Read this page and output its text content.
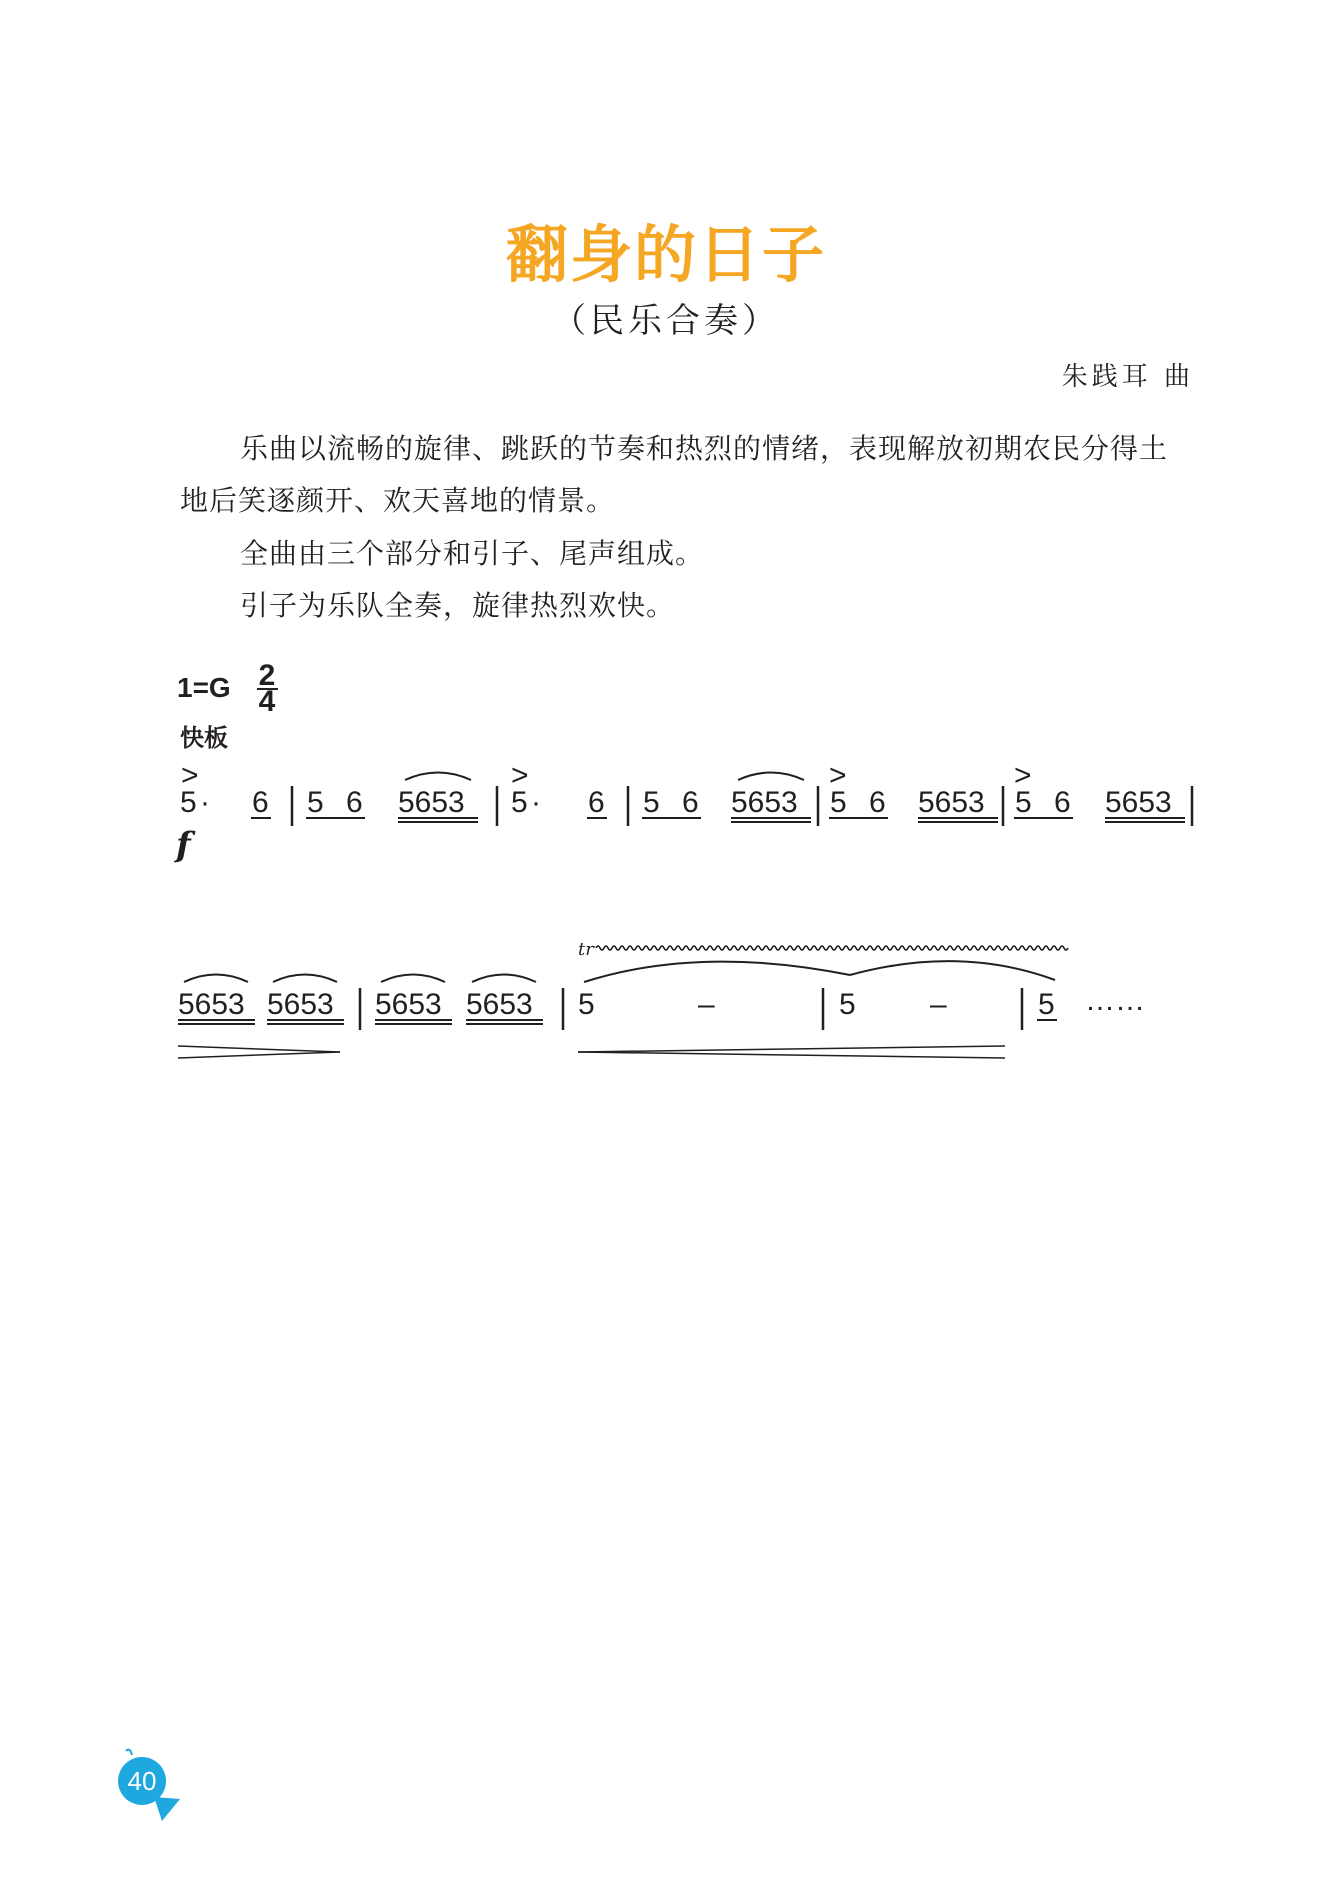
翻身的日子
（民乐合奏）
朱践耳 曲
乐曲以流畅的旋律、跳跃的节奏和热烈的情绪，表现解放初期农民分得土地后笑逐颜开、欢天喜地的情景。
全曲由三个部分和引子、尾声组成。
引子为乐队全奏，旋律热烈欢快。
1=G
快板
2
4
>	>	>	>
5 · 6 5 6 5653 5 · 6 5 6 5653 5 6 5653 5 6 5653
f
5653 5653 5653 5653
tr
5	–	5 –	5 ……
40
